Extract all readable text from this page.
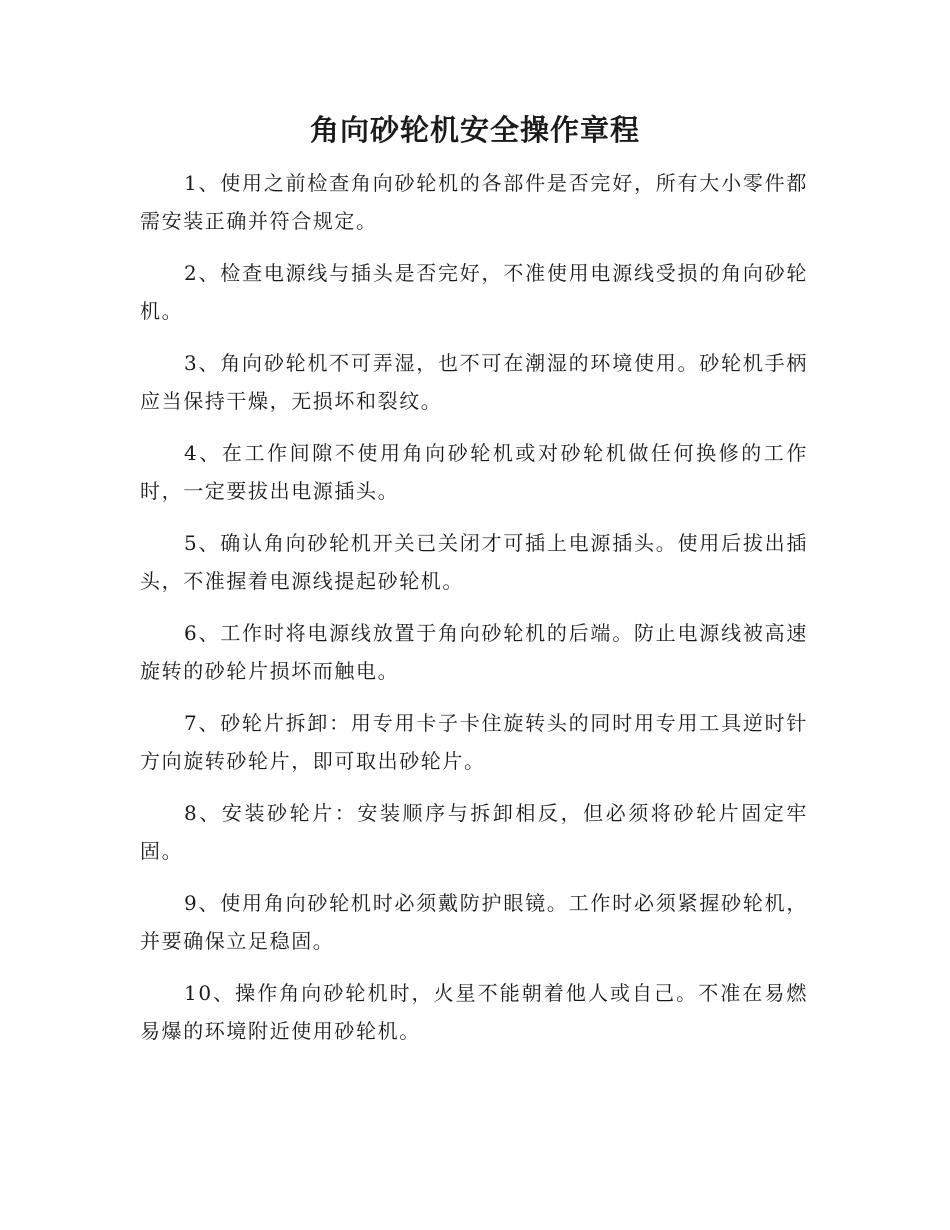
角向砂轮机安全操作章程
1、使用之前检查角向砂轮机的各部件是否完好，所有大小零件都需安装正确并符合规定。
2、检查电源线与插头是否完好，不准使用电源线受损的角向砂轮机。
3、角向砂轮机不可弄湿，也不可在潮湿的环境使用。砂轮机手柄应当保持干燥，无损坏和裂纹。
4、在工作间隙不使用角向砂轮机或对砂轮机做任何换修的工作时，一定要拔出电源插头。
5、确认角向砂轮机开关已关闭才可插上电源插头。使用后拔出插头，不准握着电源线提起砂轮机。
6、工作时将电源线放置于角向砂轮机的后端。防止电源线被高速旋转的砂轮片损坏而触电。
7、砂轮片拆卸：用专用卡子卡住旋转头的同时用专用工具逆时针方向旋转砂轮片，即可取出砂轮片。
8、安装砂轮片：安装顺序与拆卸相反，但必须将砂轮片固定牢固。
9、使用角向砂轮机时必须戴防护眼镜。工作时必须紧握砂轮机，并要确保立足稳固。
10、操作角向砂轮机时，火星不能朝着他人或自己。不准在易燃易爆的环境附近使用砂轮机。
